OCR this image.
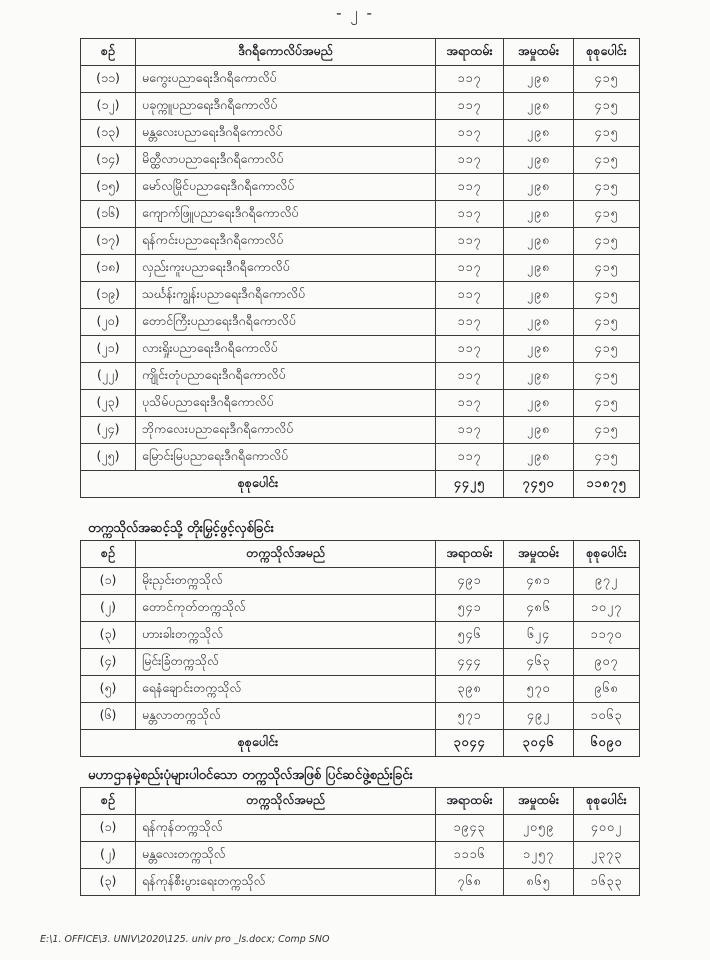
- ၂ -
စဉ်	ဒီဂရီကောလိပ်အမည်	အရာထမ်း	အမှုထမ်း	စုစုပေါင်း
(၁၁)	မကွေးပညာရေးဒီဂရီကောလိပ်	၁၁၇	၂၉၈	၄၁၅
(၁၂)	ပခုက္ကူပညာရေးဒီဂရီကောလိပ်	၁၁၇	၂၉၈	၄၁၅
(၁၃)	မန္တလေးပညာရေးဒီဂရီကောလိပ်	၁၁၇	၂၉၈	၄၁၅
(၁၄)	မိတ္ထီလာပညာရေးဒီဂရီကောလိပ်	၁၁၇	၂၉၈	၄၁၅
(၁၅)	မော်လမြိုင်ပညာရေးဒီဂရီကောလိပ်	၁၁၇	၂၉၈	၄၁၅
(၁၆)	ကျောက်ဖြူပညာရေးဒီဂရီကောလိပ်	၁၁၇	၂၉၈	၄၁၅
(၁၇)	ရန်ကင်းပညာရေးဒီဂရီကောလိပ်	၁၁၇	၂၉၈	၄၁၅
(၁၈)	လှည်းကူးပညာရေးဒီဂရီကောလိပ်	၁၁၇	၂၉၈	၄၁၅
(၁၉)	သင်္ဃန်းကျွန်းပညာရေးဒီဂရီကောလိပ်	၁၁၇	၂၉၈	၄၁၅
(၂၀)	တောင်ကြီးပညာရေးဒီဂရီကောလိပ်	၁၁၇	၂၉၈	၄၁၅
(၂၁)	လားရှိုးပညာရေးဒီဂရီကောလိပ်	၁၁၇	၂၉၈	၄၁၅
(၂၂)	ကျိုင်းတုံပညာရေးဒီဂရီကောလိပ်	၁၁၇	၂၉၈	၄၁၅
(၂၃)	ပုသိမ်ပညာရေးဒီဂရီကောလိပ်	၁၁၇	၂၉၈	၄၁၅
(၂၄)	ဘိုကလေးပညာရေးဒီဂရီကောလိပ်	၁၁၇	၂၉၈	၄၁၅
(၂၅)	မြောင်းမြပညာရေးဒီဂရီကောလိပ်	၁၁၇	၂၉၈	၄၁၅
စုစုပေါင်း		၄၄၂၅	၇၄၅၀	၁၁၈၇၅
တက္ကသိုလ်အဆင့်သို့ တိုးမြှင့်ဖွင့်လှစ်ခြင်း
စဉ်	တက္ကသိုလ်အမည်	အရာထမ်း	အမှုထမ်း	စုစုပေါင်း
(၁)	မိုးညှင်းတက္ကသိုလ်	၄၉၁	၄၈၁	၉၇၂
(၂)	တောင်ကုတ်တက္ကသိုလ်	၅၄၁	၄၈၆	၁၀၂၇
(၃)	ဟားခါးတက္ကသိုလ်	၅၄၆	၆၂၄	၁၁၇၀
(၄)	မြင်းခြံတက္ကသိုလ်	၄၄၄	၄၆၃	၉၀၇
(၅)	ရေနံချောင်းတက္ကသိုလ်	၃၉၈	၅၇၀	၉၆၈
(၆)	မန္တလာတက္ကသိုလ်	၅၇၁	၄၉၂	၁၀၆၃
စုစုပေါင်း		၃၀၄၄	၃၀၄၆	၆၀၉၀
မဟာဌာနမှဲ့စည်းပုံများပါဝင်သော တက္ကသိုလ်အဖြစ် ပြင်ဆင်ဖွဲ့စည်းခြင်း
စဉ်	တက္ကသိုလ်အမည်	အရာထမ်း	အမှုထမ်း	စုစုပေါင်း
(၁)	ရန်ကုန်တက္ကသိုလ်	၁၉၄၃	၂၀၅၉	၄၀၀၂
(၂)	မန္တလေးတက္ကသိုလ်	၁၁၁၆	၁၂၅၇	၂၃၇၃
(၃)	ရန်ကုန်စီးပွားရေးတက္ကသိုလ်	၇၆၈	၈၆၅	၁၆၃၃
E:\1. OFFICE\3. UNIV\2020\125. univ pro _ls.docx; Comp SNO
